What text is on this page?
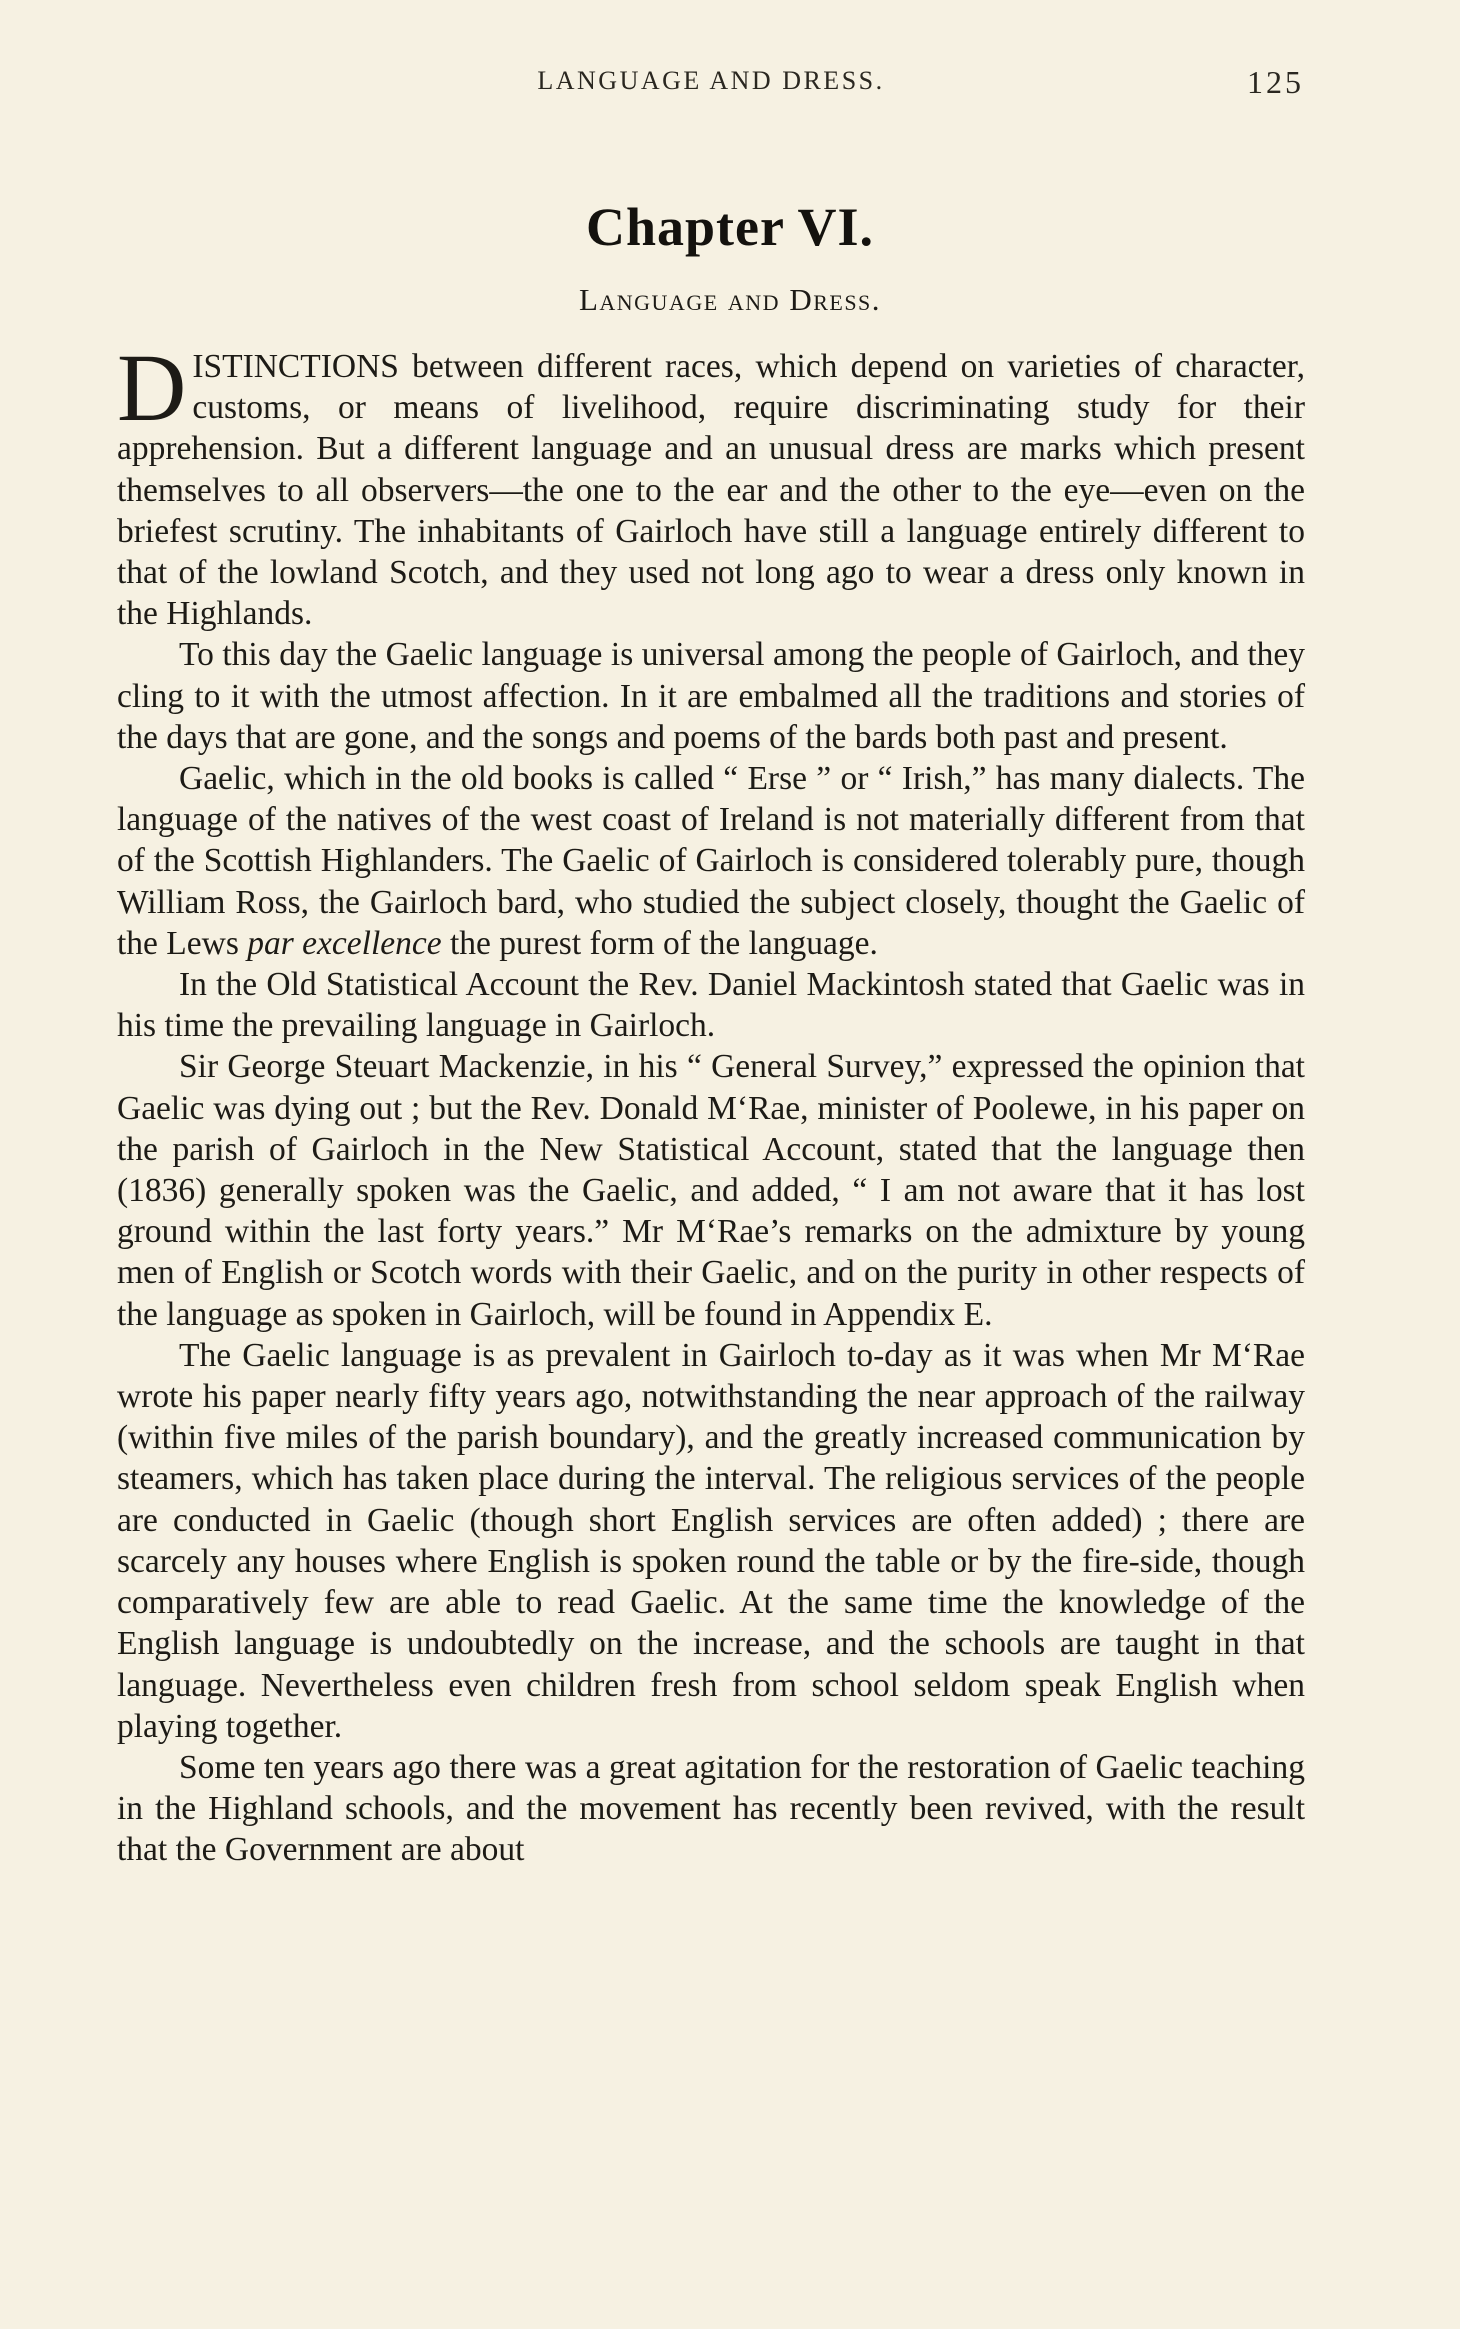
LANGUAGE AND DRESS.	125
Chapter VI.
Language and Dress.

DISTINCTIONS between different races, which depend on varieties of character, customs, or means of livelihood, require discriminating study for their apprehension. But a different language and an unusual dress are marks which present themselves to all observers—the one to the ear and the other to the eye—even on the briefest scrutiny. The inhabitants of Gairloch have still a language entirely different to that of the lowland Scotch, and they used not long ago to wear a dress only known in the Highlands.

To this day the Gaelic language is universal among the people of Gairloch, and they cling to it with the utmost affection. In it are embalmed all the traditions and stories of the days that are gone, and the songs and poems of the bards both past and present.

Gaelic, which in the old books is called “ Erse ” or “ Irish,” has many dialects. The language of the natives of the west coast of Ireland is not materially different from that of the Scottish Highlanders. The Gaelic of Gairloch is considered tolerably pure, though William Ross, the Gairloch bard, who studied the subject closely, thought the Gaelic of the Lews par excellence the purest form of the language.

In the Old Statistical Account the Rev. Daniel Mackintosh stated that Gaelic was in his time the prevailing language in Gairloch.

Sir George Steuart Mackenzie, in his “ General Survey,” expressed the opinion that Gaelic was dying out ; but the Rev. Donald M‘Rae, minister of Poolewe, in his paper on the parish of Gairloch in the New Statistical Account, stated that the language then (1836) generally spoken was the Gaelic, and added, “ I am not aware that it has lost ground within the last forty years.” Mr M‘Rae’s remarks on the admixture by young men of English or Scotch words with their Gaelic, and on the purity in other respects of the language as spoken in Gairloch, will be found in Appendix E.

The Gaelic language is as prevalent in Gairloch to-day as it was when Mr M‘Rae wrote his paper nearly fifty years ago, notwithstanding the near approach of the railway (within five miles of the parish boundary), and the greatly increased communication by steamers, which has taken place during the interval. The religious services of the people are conducted in Gaelic (though short English services are often added) ; there are scarcely any houses where English is spoken round the table or by the fire-side, though comparatively few are able to read Gaelic. At the same time the knowledge of the English language is undoubtedly on the increase, and the schools are taught in that language. Nevertheless even children fresh from school seldom speak English when playing together.

Some ten years ago there was a great agitation for the restoration of Gaelic teaching in the Highland schools, and the movement has recently been revived, with the result that the Government are about
